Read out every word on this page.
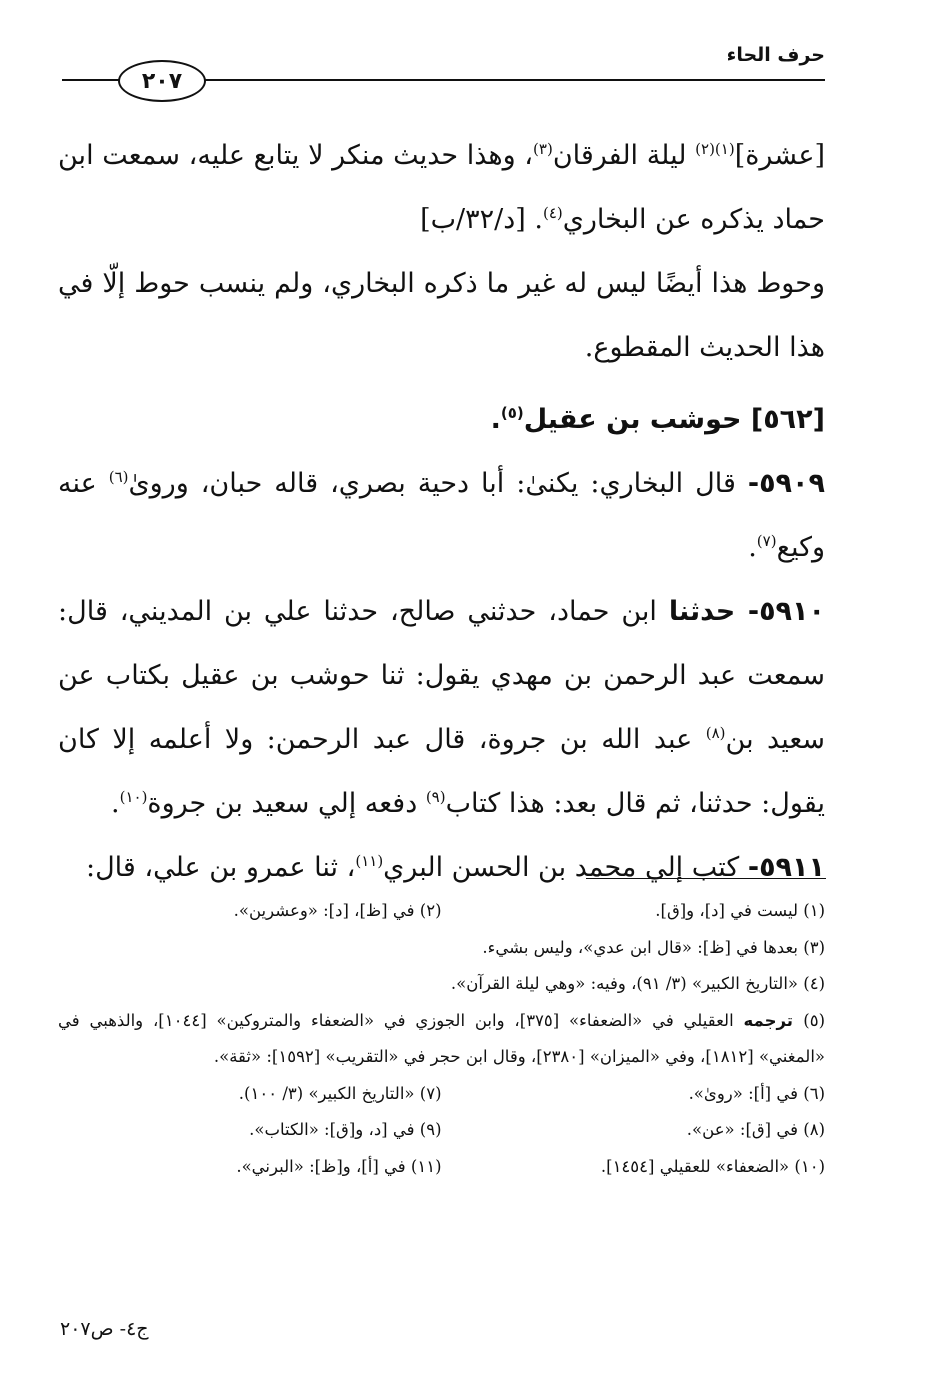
حرف الحاء
٢٠٧

[عشرة]$^{(١)(٢)}$ ليلة الفرقان$^{(٣)}$، وهذا حديث منكر لا يتابع عليه، سمعت ابن حماد يذكره عن البخاري$^{(٤)}$. [د/٣٢/ب]

وحوط هذا أيضًا ليس له غير ما ذكره البخاري، ولم ينسب حوط إلّا في هذا الحديث المقطوع.

[٥٦٢] حوشب بن عقيل$^{(٥)}$.

٥٩٠٩- قال البخاري: يكنىٰ: أبا دحية بصري، قاله حبان، وروىٰ$^{(٦)}$ عنه وكيع$^{(٧)}$.

٥٩١٠- حدثنا ابن حماد، حدثني صالح، حدثنا علي بن المديني، قال: سمعت عبد الرحمن بن مهدي يقول: ثنا حوشب بن عقيل بكتاب عن سعيد بن$^{(٨)}$ عبد الله بن جروة، قال عبد الرحمن: ولا أعلمه إلا كان يقول: حدثنا، ثم قال بعد: هذا كتاب$^{(٩)}$ دفعه إلي سعيد بن جروة$^{(١٠)}$.

٥٩١١- كتب إلي محمد بن الحسن البري$^{(١١)}$، ثنا عمرو بن علي، قال:

(١) ليست في [د]، و[ق].
(٢) في [ظ]، [د]: «وعشرين».
(٣) بعدها في [ظ]: «قال ابن عدي»، وليس بشيء.
(٤) «التاريخ الكبير» (٣/ ٩١)، وفيه: «وهي ليلة القرآن».
(٥) ترجمه العقيلي في «الضعفاء» [٣٧٥]، وابن الجوزي في «الضعفاء والمتروكين» [١٠٤٤]، والذهبي في «المغني» [١٨١٢]، وفي «الميزان» [٢٣٨٠]، وقال ابن حجر في «التقريب» [١٥٩٢]: «ثقة».
(٦) في [أ]: «روىٰ».
(٧) «التاريخ الكبير» (٣/ ١٠٠).
(٨) في [ق]: «عن».
(٩) في [د، و[ق]: «الكتاب».
(١٠) «الضعفاء» للعقيلي [١٤٥٤].
(١١) في [أ]، و[ظ]: «البرني».
ج٤- ص٢٠٧
